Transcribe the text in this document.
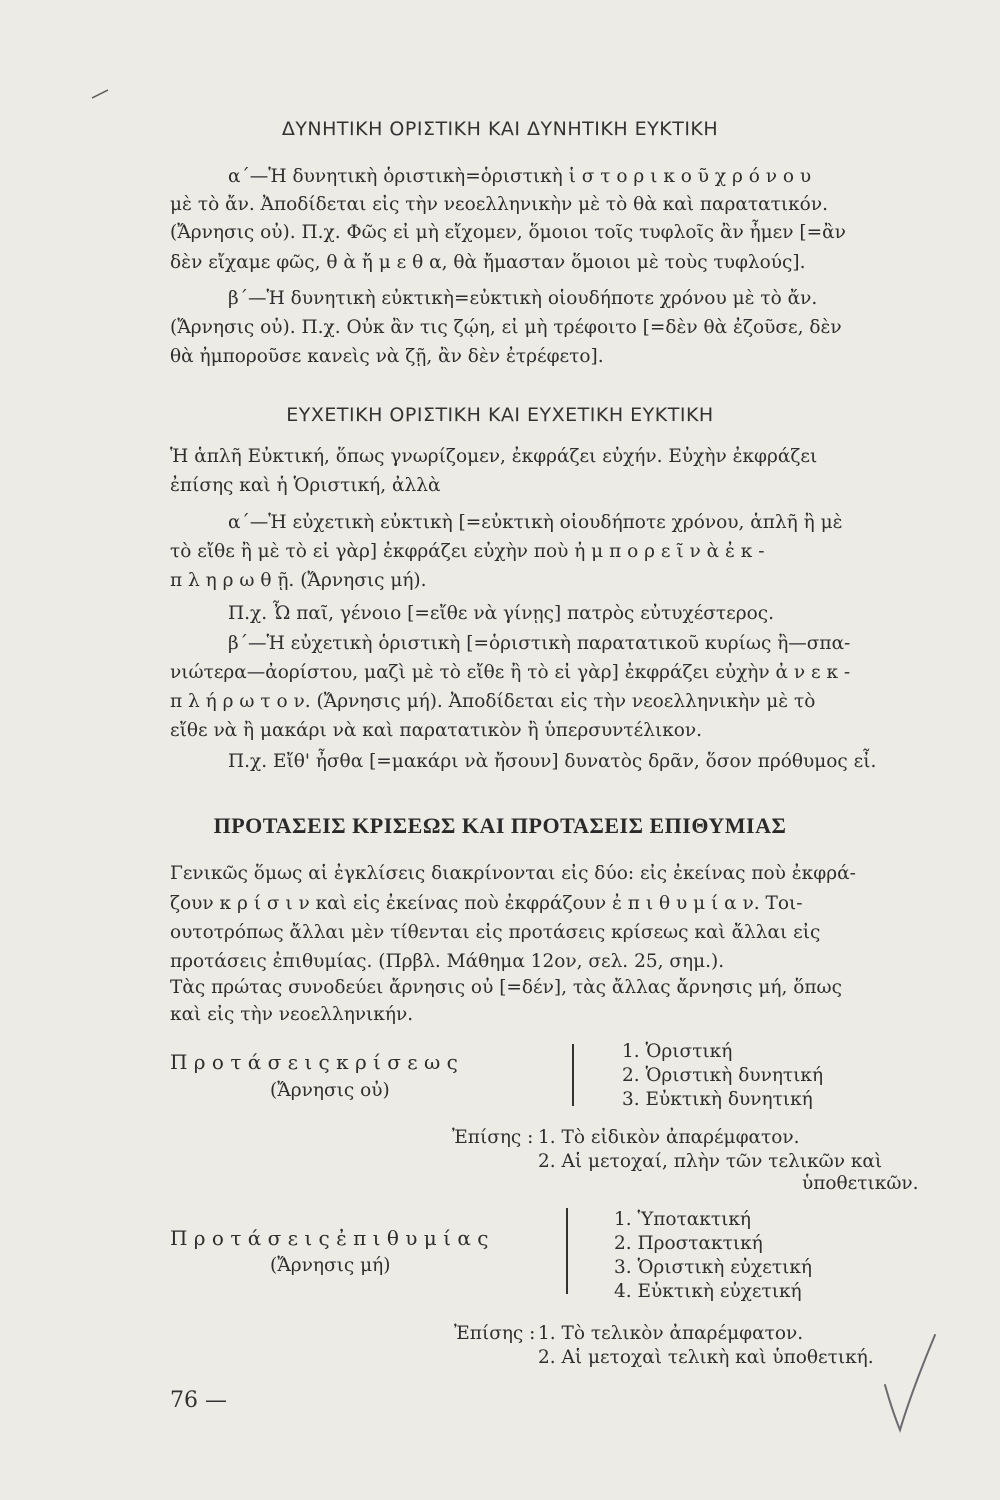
ΔΥΝΗΤΙΚΗ ΟΡΙΣΤΙΚΗ ΚΑΙ ΔΥΝΗΤΙΚΗ ΕΥΚΤΙΚΗ
α΄—Ἡ δυνητικὴ ὁριστικὴ=ὁριστικὴ ἱ σ τ ο ρ ι κ ο ῦ χ ρ ό ν ο υ
μὲ τὸ ἄν. Ἀποδίδεται εἰς τὴν νεοελληνικὴν μὲ τὸ θὰ καὶ παρατατικόν.
(Ἄρνησις οὐ). Π.χ. Φῶς εἰ μὴ εἴχομεν, ὅμοιοι τοῖς τυφλοῖς ἂν ἦμεν [=ἂν
δὲν εἴχαμε φῶς, θ ὰ ἤ μ ε θ α, θὰ ἤμασταν ὅμοιοι μὲ τοὺς τυφλούς].
β΄—Ἡ δυνητικὴ εὐκτικὴ=εὐκτικὴ οἱουδήποτε χρόνου μὲ τὸ ἄν.
(Ἄρνησις οὐ). Π.χ. Οὐκ ἂν τις ζῴη, εἰ μὴ τρέφοιτο [=δὲν θὰ ἐζοῦσε, δὲν
θὰ ἠμποροῦσε κανεὶς νὰ ζῇ, ἂν δὲν ἐτρέφετο].
ΕΥΧΕΤΙΚΗ ΟΡΙΣΤΙΚΗ ΚΑΙ ΕΥΧΕΤΙΚΗ ΕΥΚΤΙΚΗ
Ἡ ἁπλῆ Εὐκτική, ὅπως γνωρίζομεν, ἐκφράζει εὐχήν. Εὐχὴν ἐκφράζει
ἐπίσης καὶ ἡ Ὁριστική, ἀλλὰ
α΄—Ἡ εὐχετικὴ εὐκτικὴ [=εὐκτικὴ οἱουδήποτε χρόνου, ἁπλῆ ἢ μὲ
τὸ εἴθε ἢ μὲ τὸ εἰ γὰρ] ἐκφράζει εὐχὴν ποὺ ἠ μ π ο ρ ε ῖ ν ὰ ἐ κ -
π λ η ρ ω θ ῇ. (Ἄρνησις μή).
Π.χ. Ὦ παῖ, γένοιο [=εἴθε νὰ γίνῃς] πατρὸς εὐτυχέστερος.
β΄—Ἡ εὐχετικὴ ὁριστικὴ [=ὁριστικὴ παρατατικοῦ κυρίως ἢ—σπα-
νιώτερα—ἀορίστου, μαζὶ μὲ τὸ εἴθε ἢ τὸ εἰ γὰρ] ἐκφράζει εὐχὴν ἀ ν ε κ -
π λ ή ρ ω τ ο ν. (Ἄρνησις μή). Ἀποδίδεται εἰς τὴν νεοελληνικὴν μὲ τὸ
εἴθε νὰ ἢ μακάρι νὰ καὶ παρατατικὸν ἢ ὑπερσυντέλικον.
Π.χ. Εἴθ' ἦσθα [=μακάρι νὰ ἤσουν] δυνατὸς δρᾶν, ὅσον πρόθυμος εἶ.
ΠΡΟΤΑΣΕΙΣ ΚΡΙΣΕΩΣ ΚΑΙ ΠΡΟΤΑΣΕΙΣ ΕΠΙΘΥΜΙΑΣ
Γενικῶς ὅμως αἱ ἐγκλίσεις διακρίνονται εἰς δύο: εἰς ἐκείνας ποὺ ἐκφρά-
ζουν κ ρ ί σ ι ν καὶ εἰς ἐκείνας ποὺ ἐκφράζουν ἐ π ι θ υ μ ί α ν. Τοι-
ουτοτρόπως ἄλλαι μὲν τίθενται εἰς προτάσεις κρίσεως καὶ ἄλλαι εἰς
προτάσεις ἐπιθυμίας. (Πρβλ. Μάθημα 12ον, σελ. 25, σημ.).
Τὰς πρώτας συνοδεύει ἄρνησις οὐ [=δέν], τὰς ἄλλας ἄρνησις μή, ὅπως
καὶ εἰς τὴν νεοελληνικήν.
Π ρ ο τ ά σ ε ι ς κ ρ ί σ ε ω ς
(Ἄρνησις οὐ)
1. Ὁριστική
2. Ὁριστικὴ δυνητική
3. Εὐκτικὴ δυνητική
Ἐπίσης : 1. Τὸ εἰδικὸν ἀπαρέμφατον.
2. Αἱ μετοχαί, πλὴν τῶν τελικῶν καὶ
ὑποθετικῶν.
Π ρ ο τ ά σ ε ι ς ἐ π ι θ υ μ ί α ς
(Ἄρνησις μή)
1. Ὑποτακτική
2. Προστακτική
3. Ὁριστικὴ εὐχετική
4. Εὐκτικὴ εὐχετική
Ἐπίσης : 1. Τὸ τελικὸν ἀπαρέμφατον.
2. Αἱ μετοχαὶ τελικὴ καὶ ὑποθετική.
76 —
